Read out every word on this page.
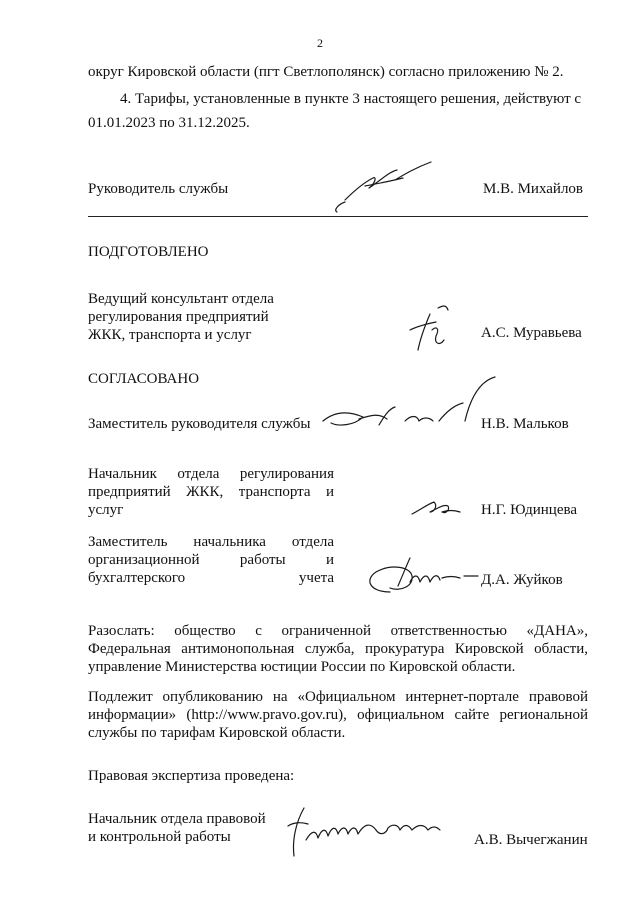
2
округ Кировской области (пгт Светлополянск) согласно приложению № 2.
4. Тарифы, установленные в пункте 3 настоящего решения, действуют с
01.01.2023 по 31.12.2025.
Руководитель службы	М.В. Михайлов
ПОДГОТОВЛЕНО
Ведущий консультант отдела
регулирования предприятий
ЖКК, транспорта и услуг	А.С. Муравьева
СОГЛАСОВАНО
Заместитель руководителя службы	Н.В. Мальков
Начальник отдела регулирования
предприятий ЖКК, транспорта и
услуг	Н.Г. Юдинцева
Заместитель начальника отдела
организационной работы и
бухгалтерского учета	Д.А. Жуйков
Разослать: общество с ограниченной ответственностью «ДАНА», Федеральная антимонопольная служба, прокуратура Кировской области, управление Министерства юстиции России по Кировской области.
Подлежит опубликованию на «Официальном интернет-портале правовой информации» (http://www.pravo.gov.ru), официальном сайте региональной службы по тарифам Кировской области.
Правовая экспертиза проведена:
Начальник отдела правовой
и контрольной работы	А.В. Вычегжанин
